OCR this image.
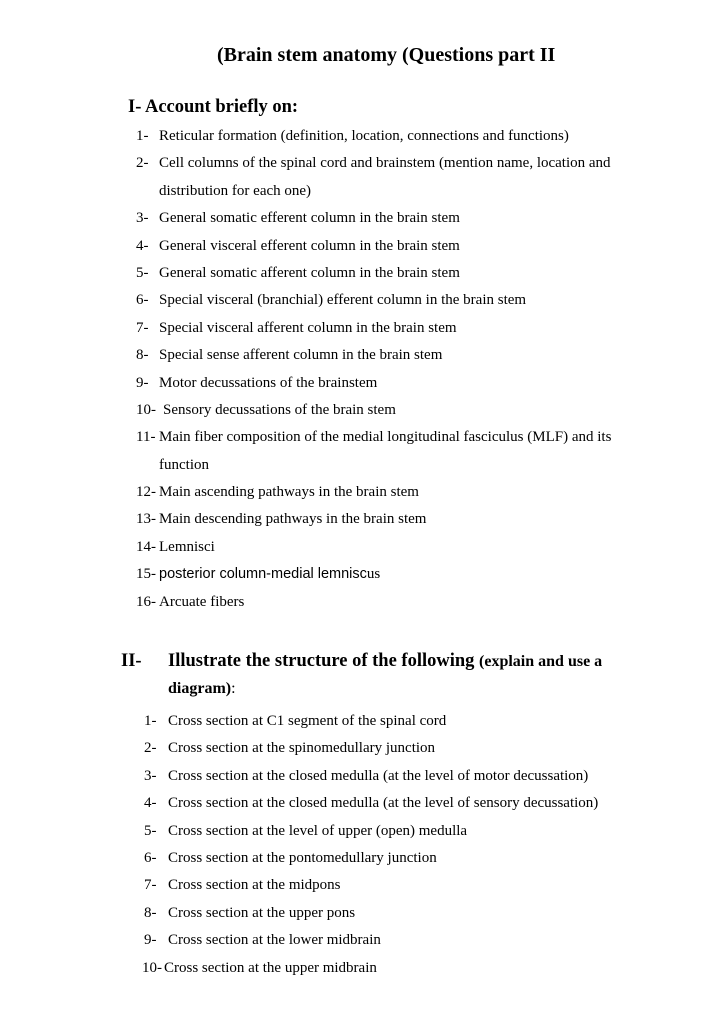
(Brain stem anatomy (Questions part II
I- Account briefly on:
1- Reticular formation (definition, location, connections and functions)
2- Cell columns of the spinal cord and brainstem (mention name, location and
distribution for each one)
3- General somatic efferent column in the brain stem
4- General visceral efferent column in the brain stem
5- General somatic afferent column in the brain stem
6- Special visceral (branchial) efferent column in the brain stem
7- Special visceral afferent column in the brain stem
8- Special sense afferent column in the brain stem
9- Motor decussations of the brainstem
10- Sensory decussations of the brain stem
11- Main fiber composition of the medial longitudinal fasciculus (MLF) and its
function
12- Main ascending pathways in the brain stem
13- Main descending pathways in the brain stem
14- Lemnisci
15- posterior column-medial lemniscus
16- Arcuate fibers
II- Illustrate the structure of the following (explain and use a
diagram):
1- Cross section at C1 segment of the spinal cord
2- Cross section at the spinomedullary junction
3- Cross section at the closed medulla (at the level of motor decussation)
4- Cross section at the closed medulla (at the level of sensory decussation)
5- Cross section at the level of upper (open) medulla
6- Cross section at the pontomedullary junction
7- Cross section at the midpons
8- Cross section at the upper pons
9- Cross section at the lower midbrain
10- Cross section at the upper midbrain
